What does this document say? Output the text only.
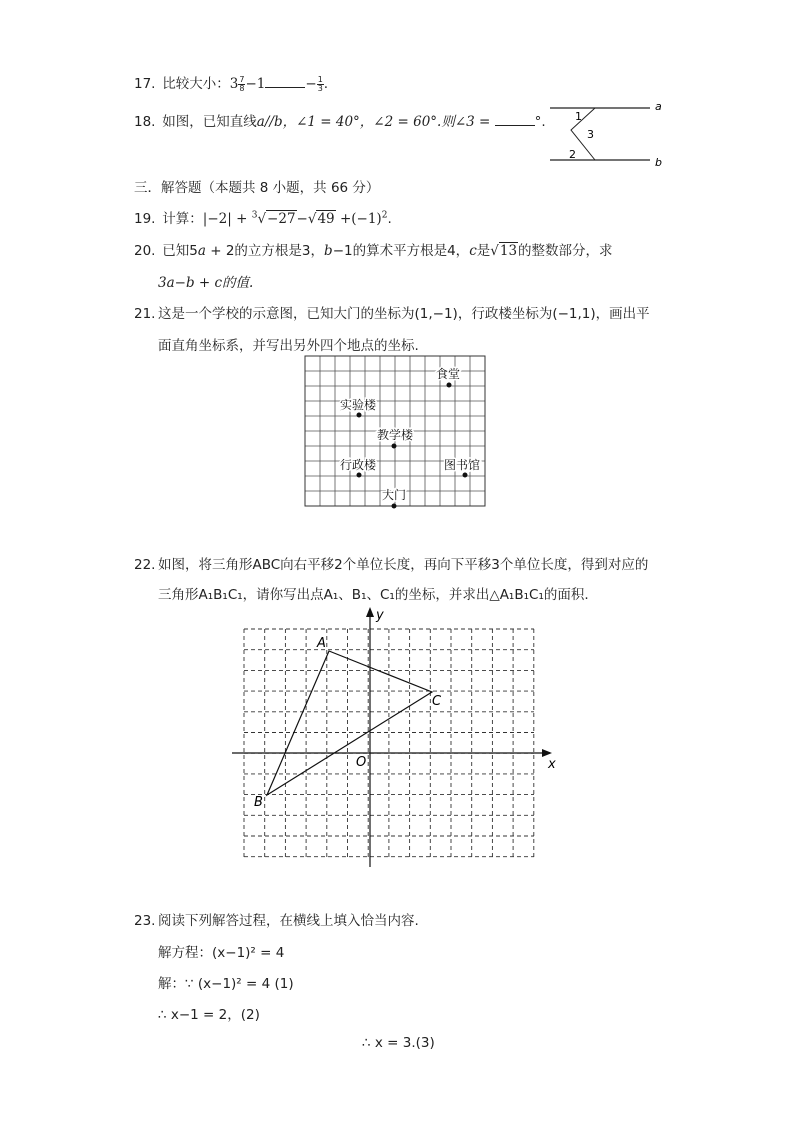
17. 比较大小：$3 \frac{7}{8} -1$	− $\frac{1}{3}$ .
18. 如图，已知直线a//b，∠1 = 40°，∠2 = 60°.则∠3 =	°.
a
b
1
3
2
三．解答题（本题共 8 小题，共 66 分）
19. 计算：$|-2| + ^3√-27-√49 +(-1)^2$.
20. 已知5a + 2的立方根是3，b−1的算术平方根是4，c是√13的整数部分，求
3a−b + c的值.
21. 这是一个学校的示意图，已知大门的坐标为(1,−1)，行政楼坐标为(−1,1)，画出平
面直角坐标系，并写出另外四个地点的坐标.
食堂
实验楼
教学楼
行政楼	图书馆
大门
22. 如图，将三角形ABC向右平移2个单位长度，再向下平移3个单位长度，得到对应的
三角形A₁B₁C₁，请你写出点A₁、B₁、C₁的坐标，并求出△A₁B₁C₁的面积.
A
C
B
O	x
y
23. 阅读下列解答过程，在横线上填入恰当内容.
解方程：(x−1)² = 4
解：∵ (x−1)² = 4 (1)
∴ x−1 = 2，(2)
∴ x = 3.(3)
